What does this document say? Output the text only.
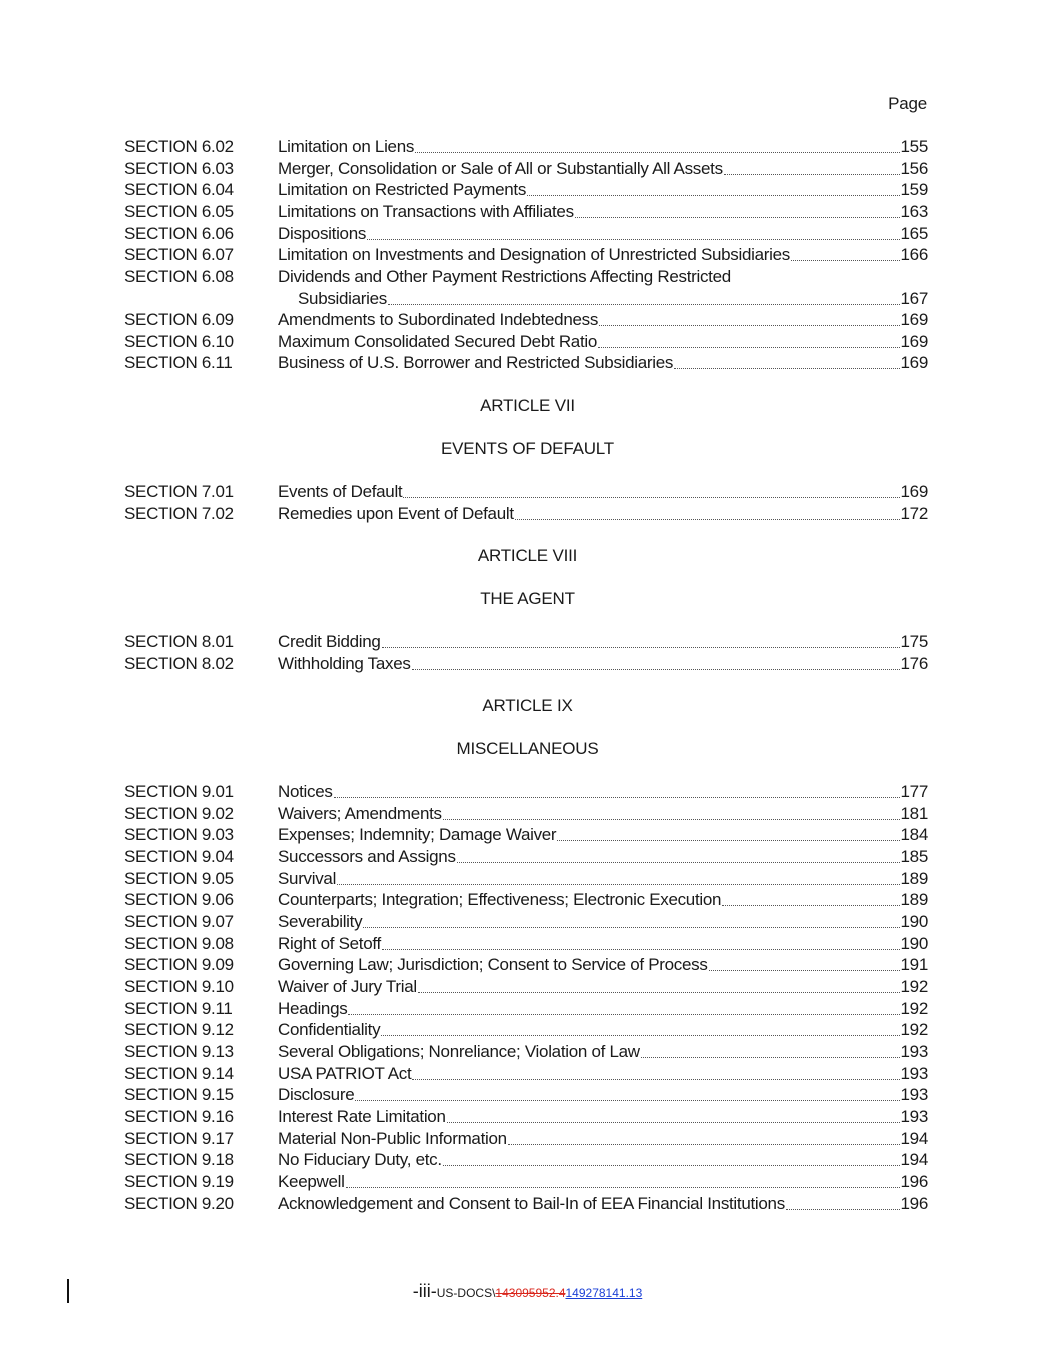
Page
SECTION 6.02	Limitation on Liens	155
SECTION 6.03	Merger, Consolidation or Sale of All or Substantially All Assets	156
SECTION 6.04	Limitation on Restricted Payments	159
SECTION 6.05	Limitations on Transactions with Affiliates	163
SECTION 6.06	Dispositions	165
SECTION 6.07	Limitation on Investments and Designation of Unrestricted Subsidiaries	166
SECTION 6.08	Dividends and Other Payment Restrictions Affecting Restricted
Subsidiaries	167
SECTION 6.09	Amendments to Subordinated Indebtedness	169
SECTION 6.10	Maximum Consolidated Secured Debt Ratio	169
SECTION 6.11	Business of U.S. Borrower and Restricted Subsidiaries	169
ARTICLE VII
EVENTS OF DEFAULT
SECTION 7.01	Events of Default	169
SECTION 7.02	Remedies upon Event of Default	172
ARTICLE VIII
THE AGENT
SECTION 8.01	Credit Bidding	175
SECTION 8.02	Withholding Taxes	176
ARTICLE IX
MISCELLANEOUS
SECTION 9.01	Notices	177
SECTION 9.02	Waivers; Amendments	181
SECTION 9.03	Expenses; Indemnity; Damage Waiver	184
SECTION 9.04	Successors and Assigns	185
SECTION 9.05	Survival	189
SECTION 9.06	Counterparts; Integration; Effectiveness; Electronic Execution	189
SECTION 9.07	Severability	190
SECTION 9.08	Right of Setoff	190
SECTION 9.09	Governing Law; Jurisdiction; Consent to Service of Process	191
SECTION 9.10	Waiver of Jury Trial	192
SECTION 9.11	Headings	192
SECTION 9.12	Confidentiality	192
SECTION 9.13	Several Obligations; Nonreliance; Violation of Law	193
SECTION 9.14	USA PATRIOT Act	193
SECTION 9.15	Disclosure	193
SECTION 9.16	Interest Rate Limitation	193
SECTION 9.17	Material Non-Public Information	194
SECTION 9.18	No Fiduciary Duty, etc.	194
SECTION 9.19	Keepwell	196
SECTION 9.20	Acknowledgement and Consent to Bail-In of EEA Financial Institutions	196
-iii-US-DOCS\143095952.4149278141.13
